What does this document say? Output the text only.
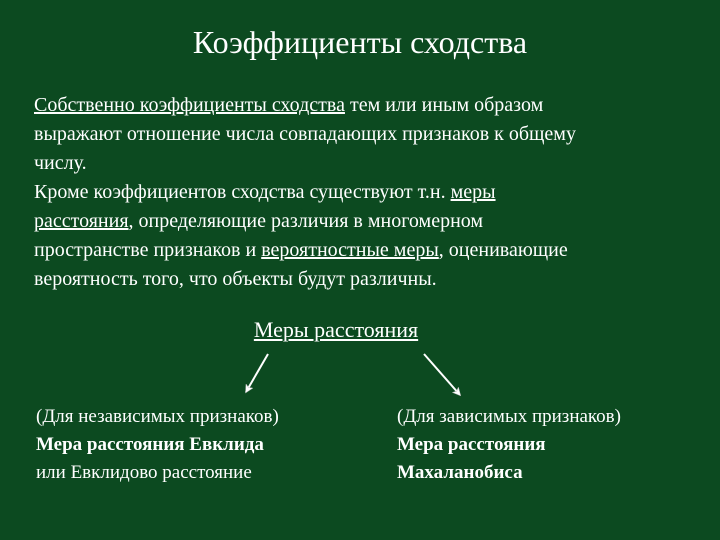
Коэффициенты сходства
Собственно коэффициенты сходства тем или иным образом
выражают отношение числа совпадающих признаков к общему
числу.
Кроме коэффициентов сходства существуют т.н. меры
расстояния, определяющие различия в многомерном
пространстве признаков и вероятностные меры, оценивающие
вероятность того, что объекты будут различны.
Меры расстояния
(Для независимых признаков)
Мера расстояния Евклида
или Евклидово расстояние
(Для зависимых признаков)
Мера расстояния
Махаланобиса
